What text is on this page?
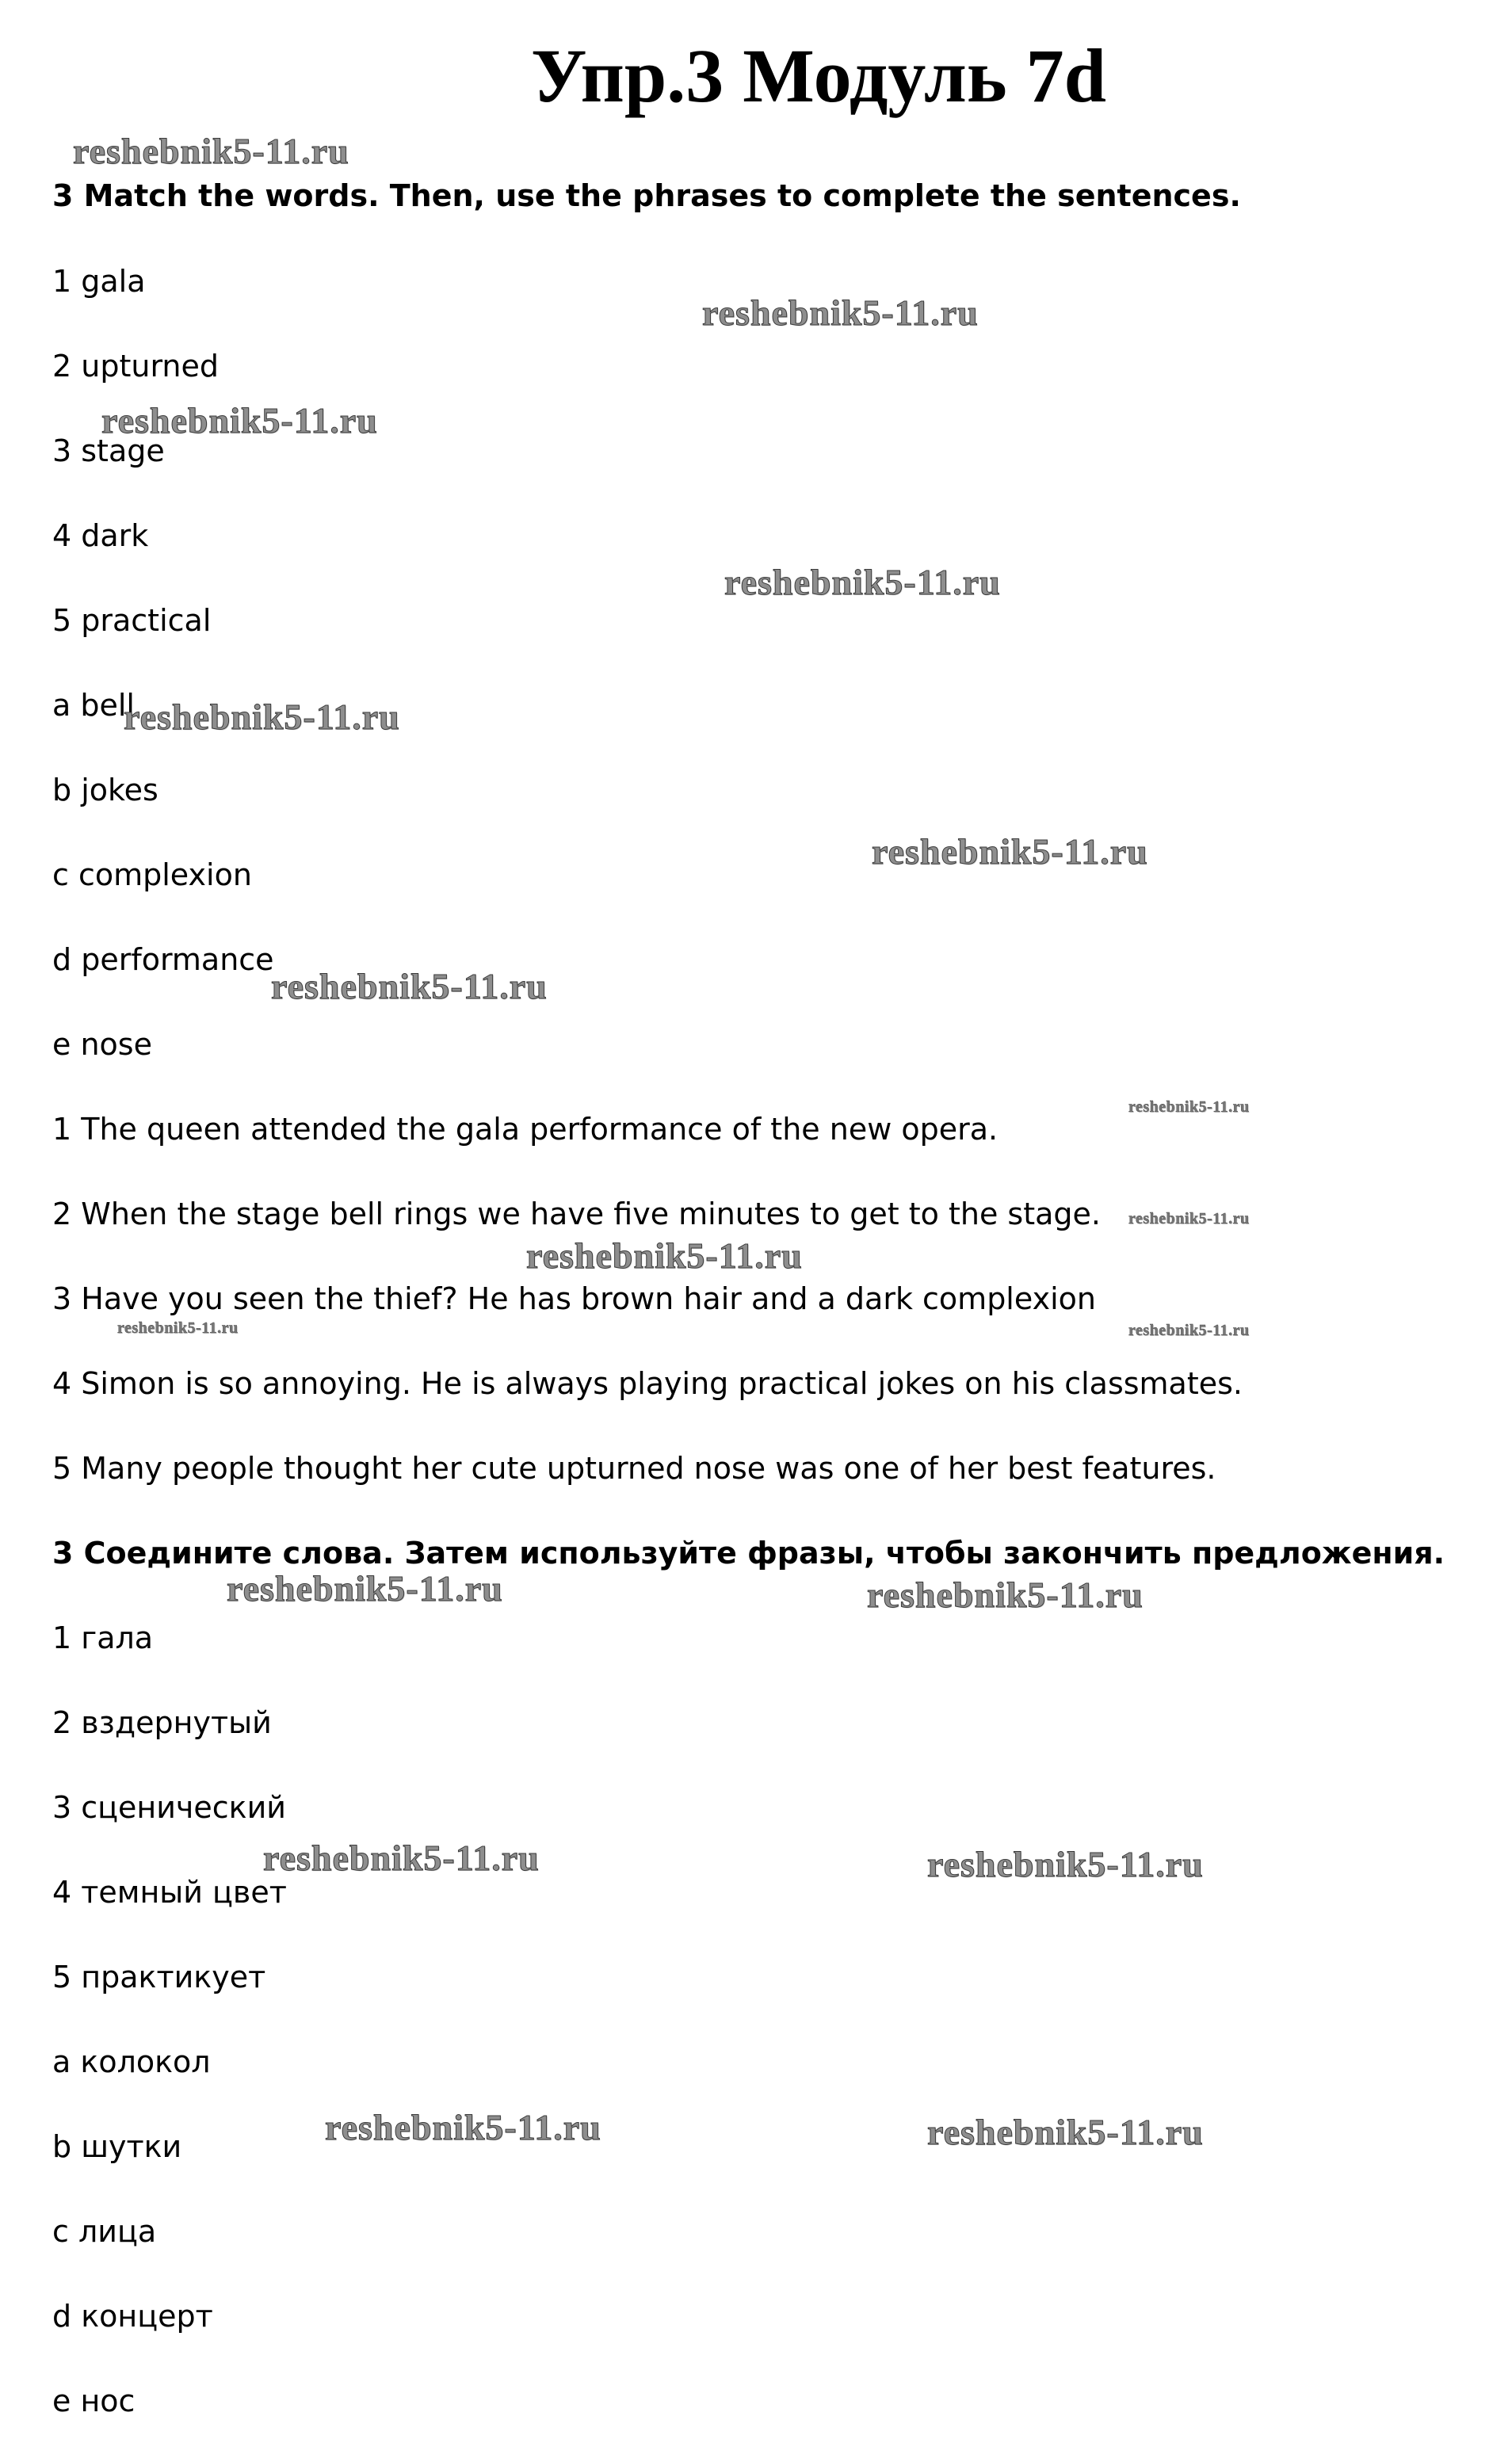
Упр.3 Модуль 7d
3 Match the words. Then, use the phrases to complete the sentences.
1 gala
2 upturned
3 stage
4 dark
5 practical
a bell
b jokes
c complexion
d performance
e nose
1 The queen attended the gala performance of the new opera.
2 When the stage bell rings we have five minutes to get to the stage.
3 Have you seen the thief? He has brown hair and a dark complexion
4 Simon is so annoying. He is always playing practical jokes on his classmates.
5 Many people thought her cute upturned nose was one of her best features.
3 Соедините слова. Затем используйте фразы, чтобы закончить предложения.
1 гала
2 вздернутый
3 сценический
4 темный цвет
5 практикует
a колокол
b шутки
c лица
d концерт
e нос
reshebnik5-11.ru
reshebnik5-11.ru
reshebnik5-11.ru
reshebnik5-11.ru
reshebnik5-11.ru
reshebnik5-11.ru
reshebnik5-11.ru
reshebnik5-11.ru
reshebnik5-11.ru
reshebnik5-11.ru
reshebnik5-11.ru	reshebnik5-11.ru
reshebnik5-11.ru	reshebnik5-11.ru
reshebnik5-11.ru	reshebnik5-11.ru
reshebnik5-11.ru	reshebnik5-11.ru
